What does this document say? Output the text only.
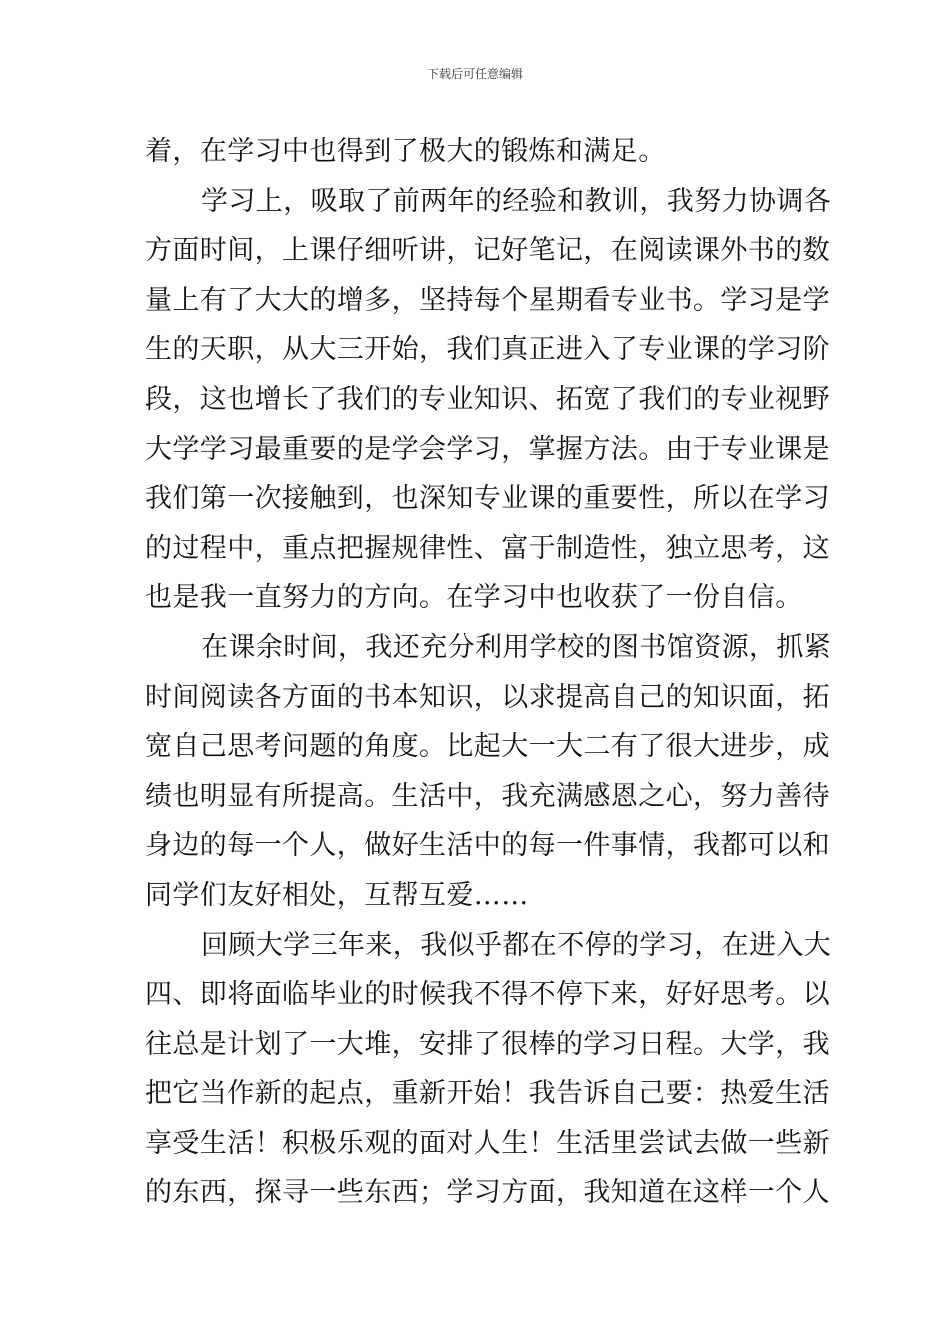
下载后可任意编辑
着，在学习中也得到了极大的锻炼和满足。
学习上，吸取了前两年的经验和教训，我努力协调各
方面时间，上课仔细听讲，记好笔记，在阅读课外书的数
量上有了大大的增多，坚持每个星期看专业书。学习是学
生的天职，从大三开始，我们真正进入了专业课的学习阶
段，这也增长了我们的专业知识、拓宽了我们的专业视野
大学学习最重要的是学会学习，掌握方法。由于专业课是
我们第一次接触到，也深知专业课的重要性，所以在学习
的过程中，重点把握规律性、富于制造性，独立思考，这
也是我一直努力的方向。在学习中也收获了一份自信。
在课余时间，我还充分利用学校的图书馆资源，抓紧
时间阅读各方面的书本知识，以求提高自己的知识面，拓
宽自己思考问题的角度。比起大一大二有了很大进步，成
绩也明显有所提高。生活中，我充满感恩之心，努力善待
身边的每一个人，做好生活中的每一件事情，我都可以和
同学们友好相处，互帮互爱……
回顾大学三年来，我似乎都在不停的学习，在进入大
四、即将面临毕业的时候我不得不停下来，好好思考。以
往总是计划了一大堆，安排了很棒的学习日程。大学，我
把它当作新的起点，重新开始！我告诉自己要：热爱生活
享受生活！积极乐观的面对人生！生活里尝试去做一些新
的东西，探寻一些东西；学习方面，我知道在这样一个人
